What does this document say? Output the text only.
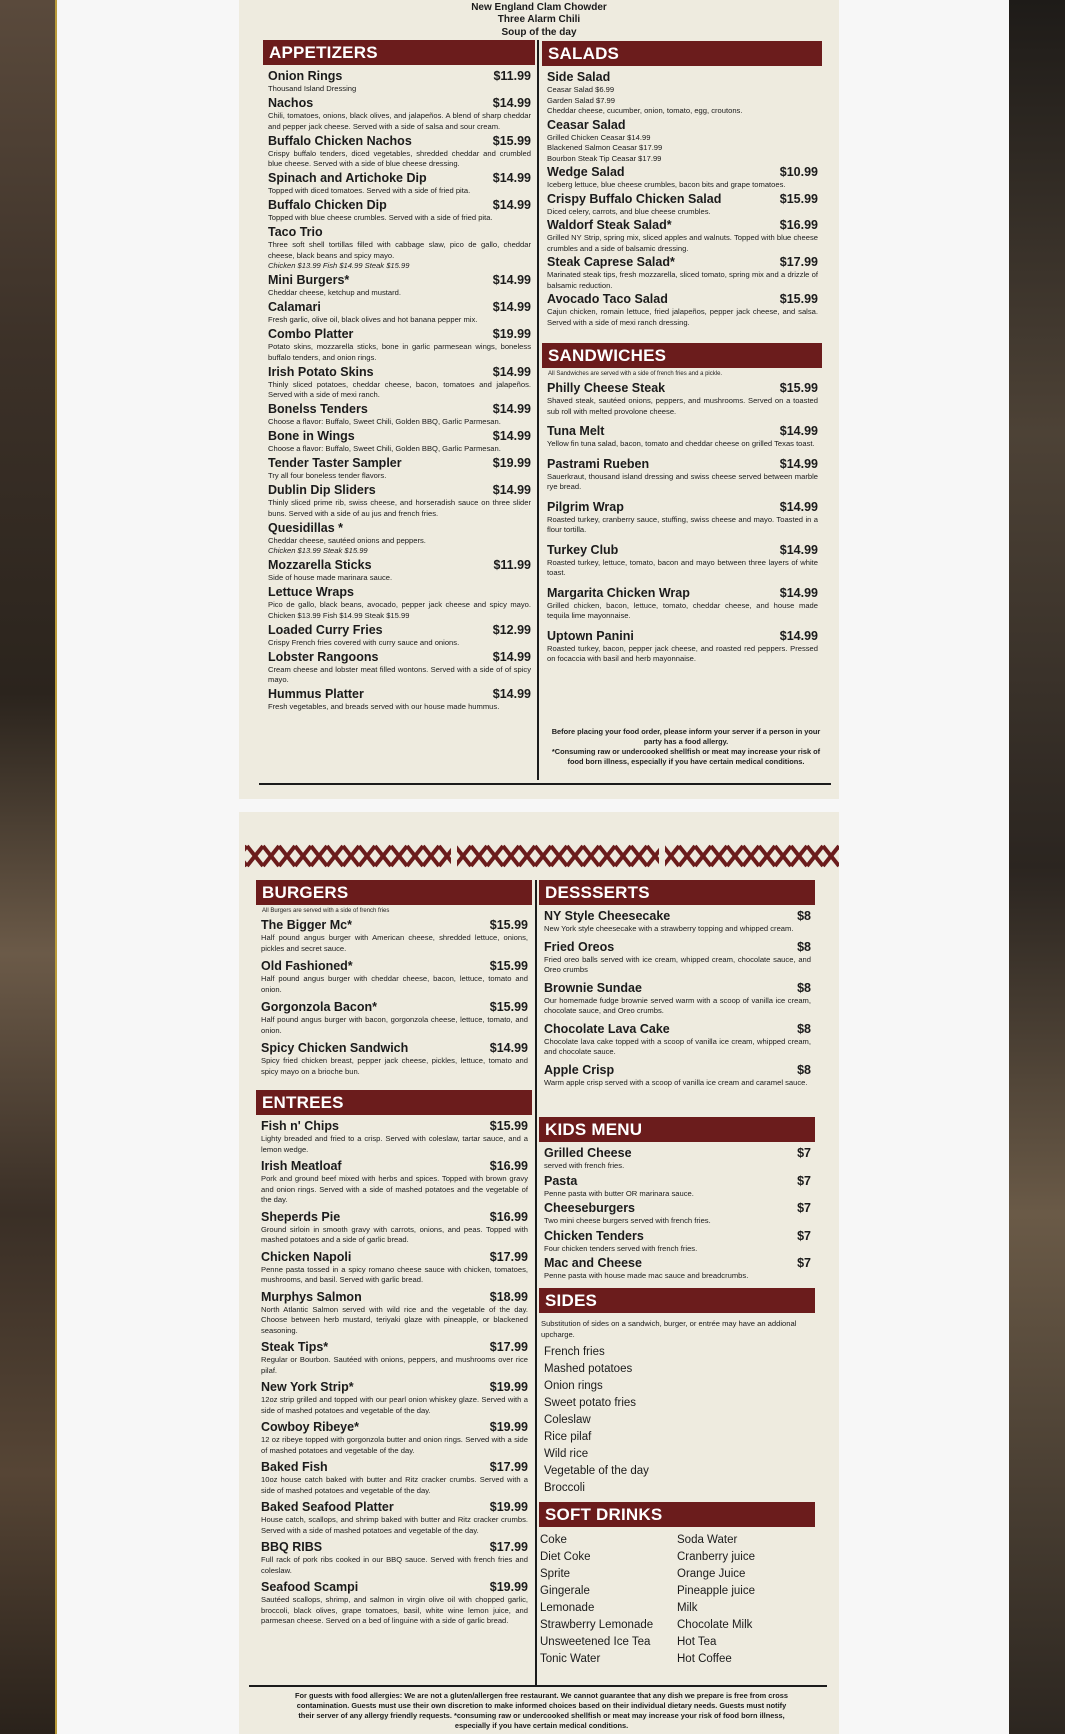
New England Clam Chowder
Three Alarm Chili
Soup of the day
APPETIZERS
Onion Rings	$11.99
Thousand Island Dressing
Nachos	$14.99
Chili, tomatoes, onions, black olives, and jalapeños. A blend of sharp cheddar and pepper jack cheese. Served with a side of salsa and sour cream.
Buffalo Chicken Nachos	$15.99
Crispy buffalo tenders, diced vegetables, shredded cheddar and crumbled blue cheese. Served with a side of blue cheese dressing.
Spinach and Artichoke Dip	$14.99
Topped with diced tomatoes. Served with a side of fried pita.
Buffalo Chicken Dip	$14.99
Topped with blue cheese crumbles. Served with a side of fried pita.
Taco Trio
Three soft shell tortillas filled with cabbage slaw, pico de gallo, cheddar cheese, black beans and spicy mayo.
Chicken $13.99 Fish $14.99 Steak $15.99
Mini Burgers*	$14.99
Cheddar cheese, ketchup and mustard.
Calamari	$14.99
Fresh garlic, olive oil, black olives and hot banana pepper mix.
Combo Platter	$19.99
Potato skins, mozzarella sticks, bone in garlic parmesean wings, boneless buffalo tenders, and onion rings.
Irish Potato Skins	$14.99
Thinly sliced potatoes, cheddar cheese, bacon, tomatoes and jalapeños. Served with a side of mexi ranch.
Bonelss Tenders	$14.99
Choose a flavor: Buffalo, Sweet Chili, Golden BBQ, Garlic Parmesan.
Bone in Wings	$14.99
Choose a flavor: Buffalo, Sweet Chili, Golden BBQ, Garlic Parmesan.
Tender Taster Sampler	$19.99
Try all four boneless tender flavors.
Dublin Dip Sliders	$14.99
Thinly sliced prime rib, swiss cheese, and horseradish sauce on three slider buns. Served with a side of au jus and french fries.
Quesidillas *
Cheddar cheese, sautéed onions and peppers.
Chicken $13.99 Steak $15.99
Mozzarella Sticks	$11.99
Side of house made marinara sauce.
Lettuce Wraps
Pico de gallo, black beans, avocado, pepper jack cheese and spicy mayo. Chicken $13.99 Fish $14.99 Steak $15.99
Loaded Curry Fries	$12.99
Crispy French fries covered with curry sauce and onions.
Lobster Rangoons	$14.99
Cream cheese and lobster meat filled wontons. Served with a side of of spicy mayo.
Hummus Platter	$14.99
Fresh vegetables, and breads served with our house made hummus.
SALADS
Side Salad
Ceasar Salad $6.99
Garden Salad $7.99
Cheddar cheese, cucumber, onion, tomato, egg, croutons.
Ceasar Salad
Grilled Chicken Ceasar $14.99
Blackened Salmon Ceasar $17.99
Bourbon Steak Tip Ceasar $17.99
Wedge Salad	$10.99
Iceberg lettuce, blue cheese crumbles, bacon bits and grape tomatoes.
Crispy Buffalo Chicken Salad	$15.99
Diced celery, carrots, and blue cheese crumbles.
Waldorf Steak Salad*	$16.99
Grilled NY Strip, spring mix, sliced apples and walnuts. Topped with blue cheese crumbles and a side of balsamic dressing.
Steak Caprese Salad*	$17.99
Marinated steak tips, fresh mozzarella, sliced tomato, spring mix and a drizzle of balsamic reduction.
Avocado Taco Salad	$15.99
Cajun chicken, romain lettuce, fried jalapeños, pepper jack cheese, and salsa. Served with a side of mexi ranch dressing.
SANDWICHES
All Sandwiches are served with a side of french fries and a pickle.
Philly Cheese Steak	$15.99
Shaved steak, sautéed onions, peppers, and mushrooms. Served on a toasted sub roll with melted provolone cheese.
Tuna Melt	$14.99
Yellow fin tuna salad, bacon, tomato and cheddar cheese on grilled Texas toast.
Pastrami Rueben	$14.99
Sauerkraut, thousand island dressing and swiss cheese served between marble rye bread.
Pilgrim Wrap	$14.99
Roasted turkey, cranberry sauce, stuffing, swiss cheese and mayo. Toasted in a flour tortilla.
Turkey Club	$14.99
Roasted turkey, lettuce, tomato, bacon and mayo between three layers of white toast.
Margarita Chicken Wrap	$14.99
Grilled chicken, bacon, lettuce, tomato, cheddar cheese, and house made tequila lime mayonnaise.
Uptown Panini	$14.99
Roasted turkey, bacon, pepper jack cheese, and roasted red peppers. Pressed on focaccia with basil and herb mayonnaise.
Before placing your food order, please inform your server if a person in your party has a food allergy.
*Consuming raw or undercooked shellfish or meat may increase your risk of food born illness, especially if you have certain medical conditions.
BURGERS
All Burgers are served with a side of french fries
The Bigger Mc*	$15.99
Half pound angus burger with American cheese, shredded lettuce, onions, pickles and secret sauce.
Old Fashioned*	$15.99
Half pound angus burger with cheddar cheese, bacon, lettuce, tomato and onion.
Gorgonzola Bacon*	$15.99
Half pound angus burger with bacon, gorgonzola cheese, lettuce, tomato, and onion.
Spicy Chicken Sandwich	$14.99
Spicy fried chicken breast, pepper jack cheese, pickles, lettuce, tomato and spicy mayo on a brioche bun.
ENTREES
Fish n' Chips	$15.99
Lighty breaded and fried to a crisp. Served with coleslaw, tartar sauce, and a lemon wedge.
Irish Meatloaf	$16.99
Pork and ground beef mixed with herbs and spices. Topped with brown gravy and onion rings. Served with a side of mashed potatoes and the vegetable of the day.
Sheperds Pie	$16.99
Ground sirloin in smooth gravy with carrots, onions, and peas. Topped with mashed potatoes and a side of garlic bread.
Chicken Napoli	$17.99
Penne pasta tossed in a spicy romano cheese sauce with chicken, tomatoes, mushrooms, and basil. Served with garlic bread.
Murphys Salmon	$18.99
North Atlantic Salmon served with wild rice and the vegetable of the day. Choose between herb mustard, teriyaki glaze with pineapple, or blackened seasoning.
Steak Tips*	$17.99
Regular or Bourbon. Sautéed with onions, peppers, and mushrooms over rice pilaf.
New York Strip*	$19.99
12oz strip grilled and topped with our pearl onion whiskey glaze. Served with a side of mashed potatoes and vegetable of the day.
Cowboy Ribeye*	$19.99
12 oz ribeye topped with gorgonzola butter and onion rings. Served with a side of mashed potatoes and vegetable of the day.
Baked Fish	$17.99
10oz house catch baked with butter and Ritz cracker crumbs. Served with a side of mashed potatoes and vegetable of the day.
Baked Seafood Platter	$19.99
House catch, scallops, and shrimp baked with butter and Ritz cracker crumbs. Served with a side of mashed potatoes and vegetable of the day.
BBQ RIBS	$17.99
Full rack of pork ribs cooked in our BBQ sauce. Served with french fries and coleslaw.
Seafood Scampi	$19.99
Sautéed scallops, shrimp, and salmon in virgin olive oil with chopped garlic, broccoli, black olives, grape tomatoes, basil, white wine lemon juice, and parmesan cheese. Served on a bed of linguine with a side of garlic bread.
DESSSERTS
NY Style Cheesecake	$8
New York style cheesecake with a strawberry topping and whipped cream.
Fried Oreos	$8
Fried oreo balls served with ice cream, whipped cream, chocolate sauce, and Oreo crumbs
Brownie Sundae	$8
Our homemade fudge brownie served warm with a scoop of vanilla ice cream, chocolate sauce, and Oreo crumbs.
Chocolate Lava Cake	$8
Chocolate lava cake topped with a scoop of vanilla ice cream, whipped cream, and chocolate sauce.
Apple Crisp	$8
Warm apple crisp served with a scoop of vanilla ice cream and caramel sauce.
KIDS MENU
Grilled Cheese	$7
served with french fries.
Pasta	$7
Penne pasta with butter OR marinara sauce.
Cheeseburgers	$7
Two mini cheese burgers served with french fries.
Chicken Tenders	$7
Four chicken tenders served with french fries.
Mac and Cheese	$7
Penne pasta with house made mac sauce and breadcrumbs.
SIDES
Substitution of sides on a sandwich, burger, or entrée may have an addional upcharge.
French fries
Mashed potatoes
Onion rings
Sweet potato fries
Coleslaw
Rice pilaf
Wild rice
Vegetable of the day
Broccoli
SOFT DRINKS
Coke
Diet Coke
Sprite
Gingerale
Lemonade
Strawberry Lemonade
Unsweetened Ice Tea
Tonic Water
Soda Water
Cranberry juice
Orange Juice
Pineapple juice
Milk
Chocolate Milk
Hot Tea
Hot Coffee
For guests with food allergies: We are not a gluten/allergen free restaurant. We cannot guarantee that any dish we prepare is free from cross contamination. Guests must use their own discretion to make informed choices based on their individual dietary needs. Guests must notify their server of any allergy friendly requests. *consuming raw or undercooked shellfish or meat may increase your risk of food born illness, especially if you have certain medical conditions.
